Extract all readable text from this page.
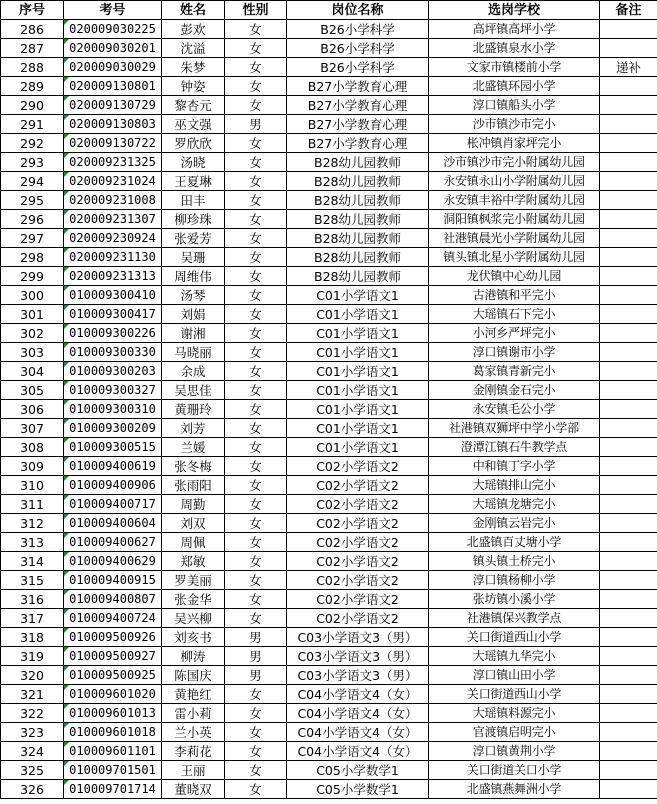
序号	考号	姓名	性别	岗位名称	选岗学校	备注
286	020009030225	彭欢	女	B26小学科学	高坪镇高坪小学	
287	020009030201	沈溢	女	B26小学科学	北盛镇泉水小学	
288	020009030029	朱梦	女	B26小学科学	文家市镇楼前小学	递补
289	020009130801	钟姿	女	B27小学教育心理	北盛镇环园小学	
290	020009130729	黎杏元	女	B27小学教育心理	淳口镇船头小学	
291	020009130803	巫文强	男	B27小学教育心理	沙市镇沙市完小	
292	020009130722	罗欣欣	女	B27小学教育心理	枨冲镇肖家坪完小	
293	020009231325	汤晓	女	B28幼儿园教师	沙市镇沙市完小附属幼儿园	
294	020009231024	王夏琳	女	B28幼儿园教师	永安镇永山小学附属幼儿园	
295	020009231008	田丰	女	B28幼儿园教师	永安镇丰裕中学附属幼儿园	
296	020009231307	柳珍珠	女	B28幼儿园教师	洞阳镇枫浆完小附属幼儿园	
297	020009230924	张爱芳	女	B28幼儿园教师	社港镇晨光小学附属幼儿园	
298	020009231130	吴珊	女	B28幼儿园教师	镇头镇北星小学附属幼儿园	
299	020009231313	周维伟	女	B28幼儿园教师	龙伏镇中心幼儿园	
300	010009300410	汤琴	女	C01小学语文1	古港镇和平完小	
301	010009300417	刘娟	女	C01小学语文1	大瑶镇石下完小	
302	010009300226	谢湘	女	C01小学语文1	小河乡严坪完小	
303	010009300330	马晓丽	女	C01小学语文1	淳口镇谢市小学	
304	010009300203	余成	女	C01小学语文1	葛家镇青新完小	
305	010009300327	吴思佳	女	C01小学语文1	金刚镇金石完小	
306	010009300310	黄珊玲	女	C01小学语文1	永安镇毛公小学	
307	010009300209	刘芳	女	C01小学语文1	社港镇双狮坪中学小学部	
308	010009300515	兰媛	女	C01小学语文1	澄潭江镇石牛教学点	
309	010009400619	张冬梅	女	C02小学语文2	中和镇丁字小学	
310	010009400906	张雨阳	女	C02小学语文2	大瑶镇排山完小	
311	010009400717	周勤	女	C02小学语文2	大瑶镇龙塘完小	
312	010009400604	刘双	女	C02小学语文2	金刚镇云岩完小	
313	010009400627	周佩	女	C02小学语文2	北盛镇百丈塘小学	
314	010009400629	郑敏	女	C02小学语文2	镇头镇土桥完小	
315	010009400915	罗美丽	女	C02小学语文2	淳口镇杨柳小学	
316	010009400807	张金华	女	C02小学语文2	张坊镇小溪小学	
317	010009400724	吴兴柳	女	C02小学语文2	社港镇保兴教学点	
318	010009500926	刘亥书	男	C03小学语文3（男）	关口街道西山小学	
319	010009500927	柳涛	男	C03小学语文3（男）	大瑶镇九华完小	
320	010009500925	陈国庆	男	C03小学语文3（男）	淳口镇山田小学	
321	010009601020	黄艳红	女	C04小学语文4（女）	关口街道西山小学	
322	010009601013	雷小莉	女	C04小学语文4（女）	大瑶镇料源完小	
323	010009601018	兰小英	女	C04小学语文4（女）	官渡镇启明完小	
324	010009601101	李莉花	女	C04小学语文4（女）	淳口镇黄荆小学	
325	010009701501	王丽	女	C05小学数学1	关口街道关口小学	
326	010009701714	董晓双	女	C05小学数学1	北盛镇燕舞洲小学	
